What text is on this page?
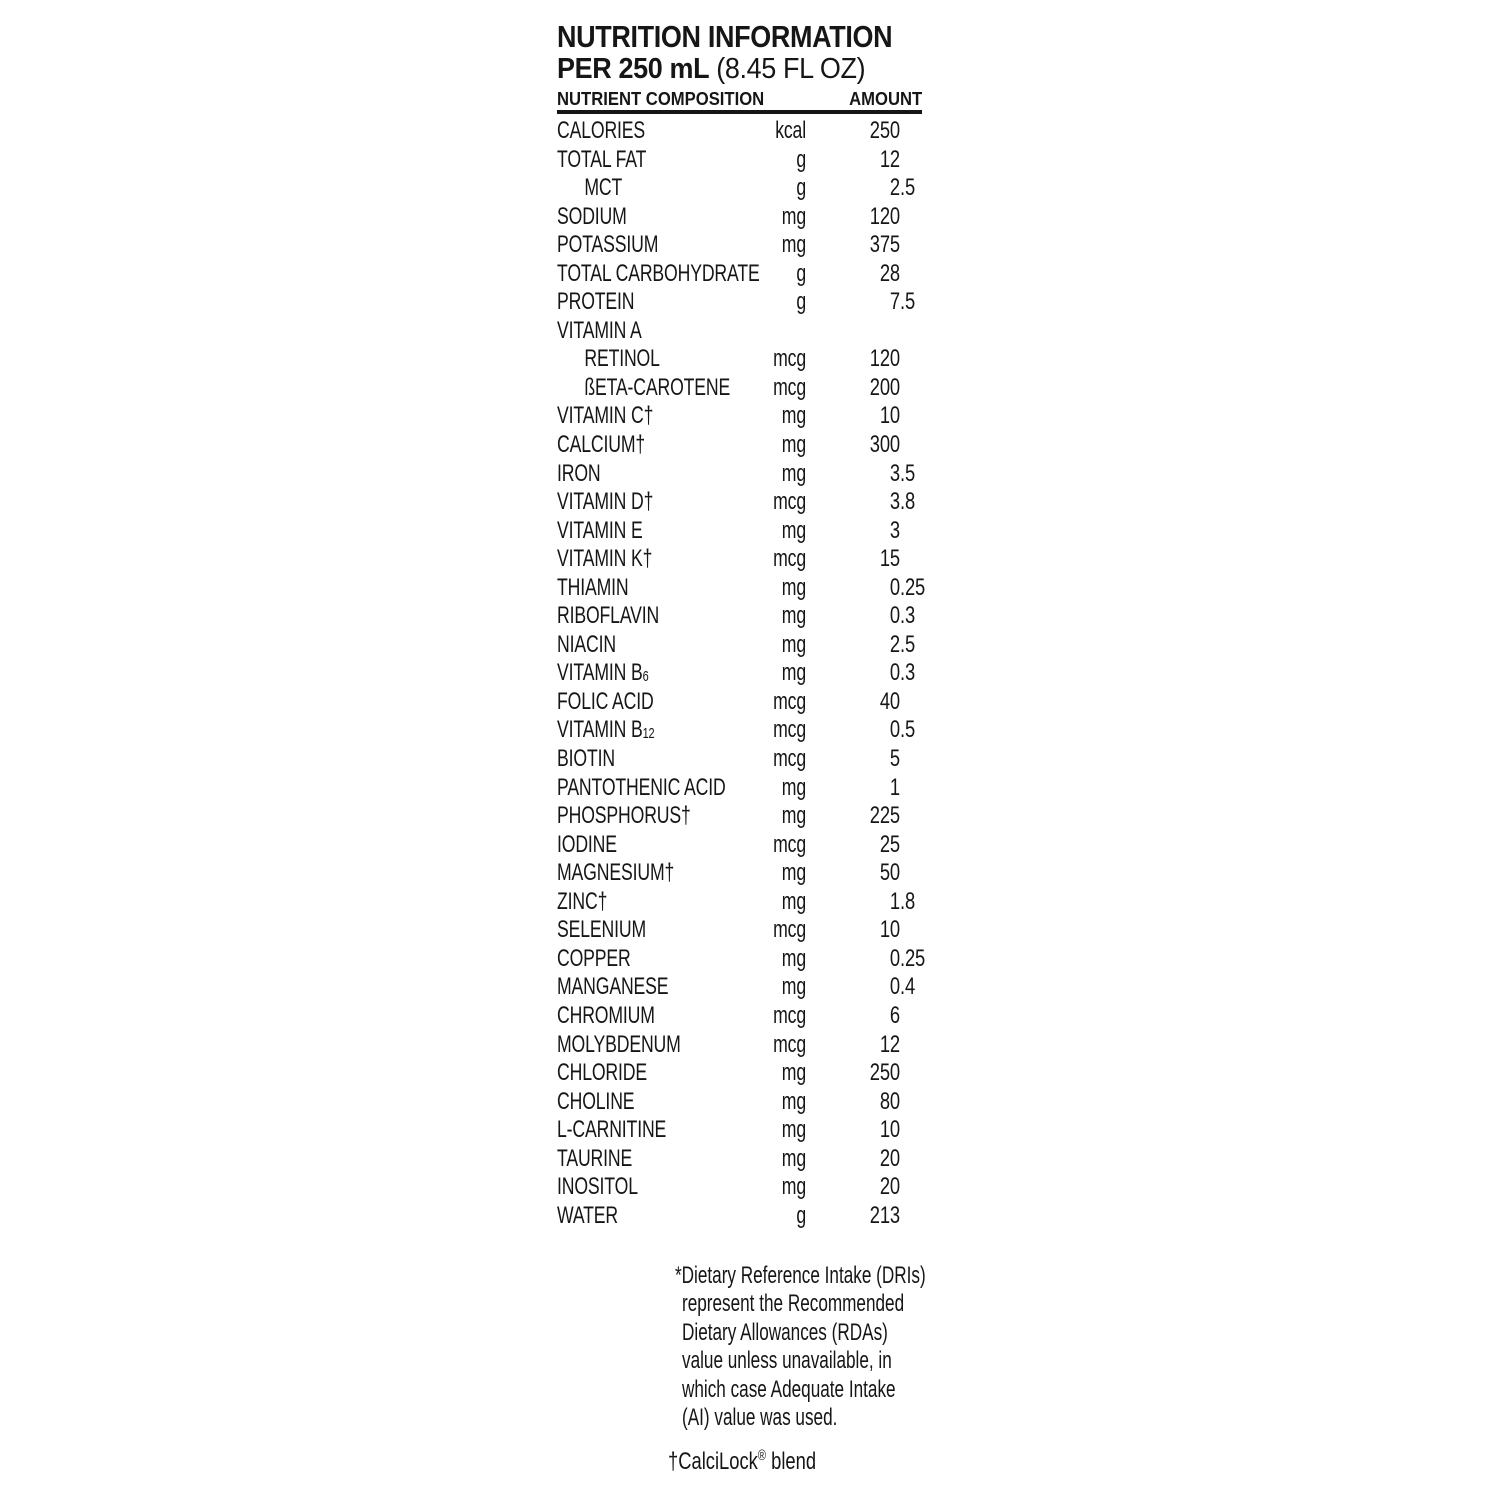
NUTRITION INFORMATION
PER 250 mL (8.45 FL OZ)
NUTRIENT COMPOSITION	AMOUNT
CALORIES	kcal	250
TOTAL FAT	g	12
MCT	g	2 .5
SODIUM	mg	120
POTASSIUM	mg	375
TOTAL CARBOHYDRATE	g	28
PROTEIN	g	7 .5
VITAMIN A
RETINOL	mcg	120
ßETA-CAROTENE	mcg	200
VITAMIN C†	mg	10
CALCIUM†	mg	300
IRON	mg	3 .5
VITAMIN D†	mcg	3 .8
VITAMIN E	mg	3
VITAMIN K†	mcg	15
THIAMIN	mg	0 .25
RIBOFLAVIN	mg	0 .3
NIACIN	mg	2 .5
VITAMIN $B_6$	mg	0 .3
FOLIC ACID	mcg	40
VITAMIN $B_{12}$	mcg	0 .5
BIOTIN	mcg	5
PANTOTHENIC ACID	mg	1
PHOSPHORUS†	mg	225
IODINE	mcg	25
MAGNESIUM†	mg	50
ZINC†	mg	1 .8
SELENIUM	mcg	10
COPPER	mg	0 .25
MANGANESE	mg	0 .4
CHROMIUM	mcg	6
MOLYBDENUM	mcg	12
CHLORIDE	mg	250
CHOLINE	mg	80
L-CARNITINE	mg	10
TAURINE	mg	20
INOSITOL	mg	20
WATER	g	213
*Dietary Reference Intake (DRIs)
represent the Recommended
Dietary Allowances (RDAs)
value unless unavailable, in
which case Adequate Intake
(AI) value was used.
†CalciLock® blend
